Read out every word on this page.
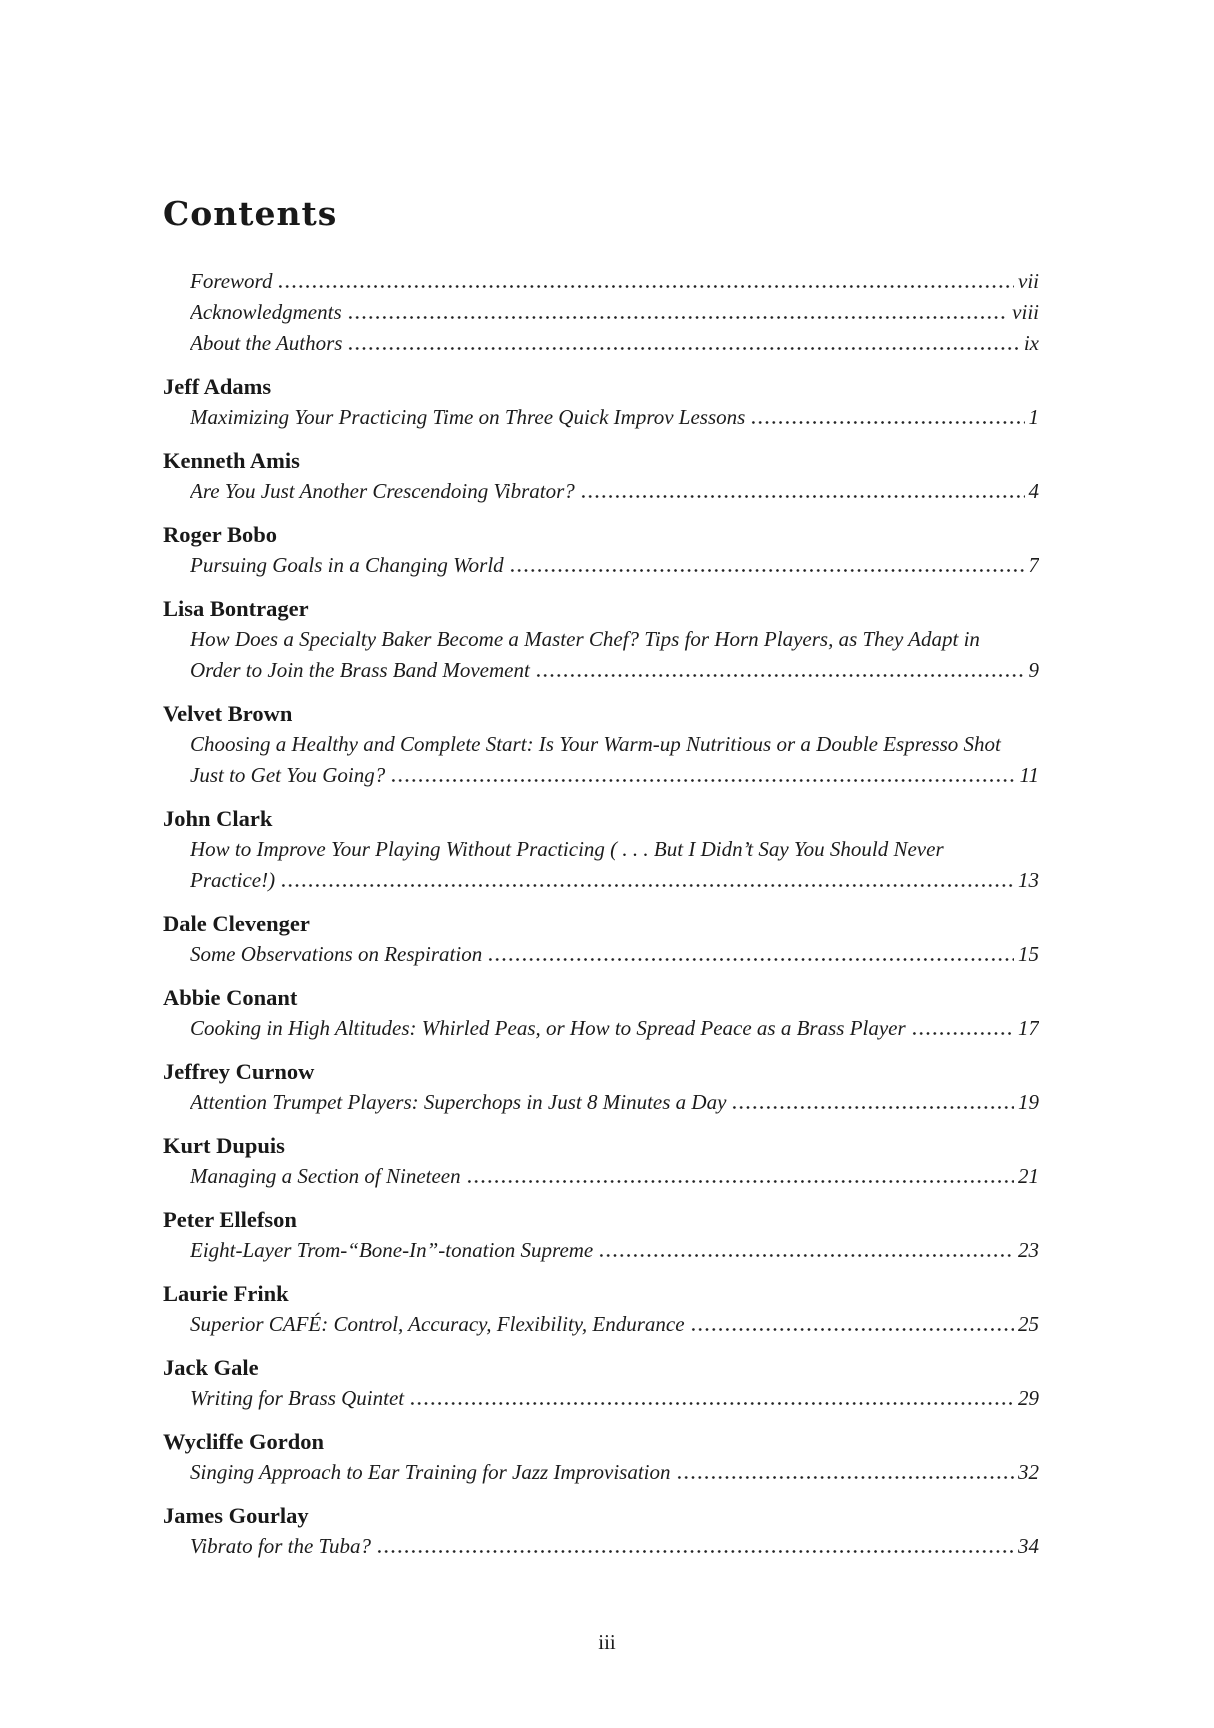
Contents
Foreword	vii
Acknowledgments	viii
About the Authors	ix
Jeff Adams
Maximizing Your Practicing Time on Three Quick Improv Lessons	1
Kenneth Amis
Are You Just Another Crescendoing Vibrator?	4
Roger Bobo
Pursuing Goals in a Changing World	7
Lisa Bontrager
How Does a Specialty Baker Become a Master Chef? Tips for Horn Players, as They Adapt in
Order to Join the Brass Band Movement	9
Velvet Brown
Choosing a Healthy and Complete Start: Is Your Warm-up Nutritious or a Double Espresso Shot
Just to Get You Going?	11
John Clark
How to Improve Your Playing Without Practicing ( . . . But I Didn’t Say You Should Never
Practice!)	13
Dale Clevenger
Some Observations on Respiration	15
Abbie Conant
Cooking in High Altitudes: Whirled Peas, or How to Spread Peace as a Brass Player	17
Jeffrey Curnow
Attention Trumpet Players: Superchops in Just 8 Minutes a Day	19
Kurt Dupuis
Managing a Section of Nineteen	21
Peter Ellefson
Eight-Layer Trom-“Bone-In”-tonation Supreme	23
Laurie Frink
Superior CAFÉ: Control, Accuracy, Flexibility, Endurance	25
Jack Gale
Writing for Brass Quintet	29
Wycliffe Gordon
Singing Approach to Ear Training for Jazz Improvisation	32
James Gourlay
Vibrato for the Tuba?	34
iii
